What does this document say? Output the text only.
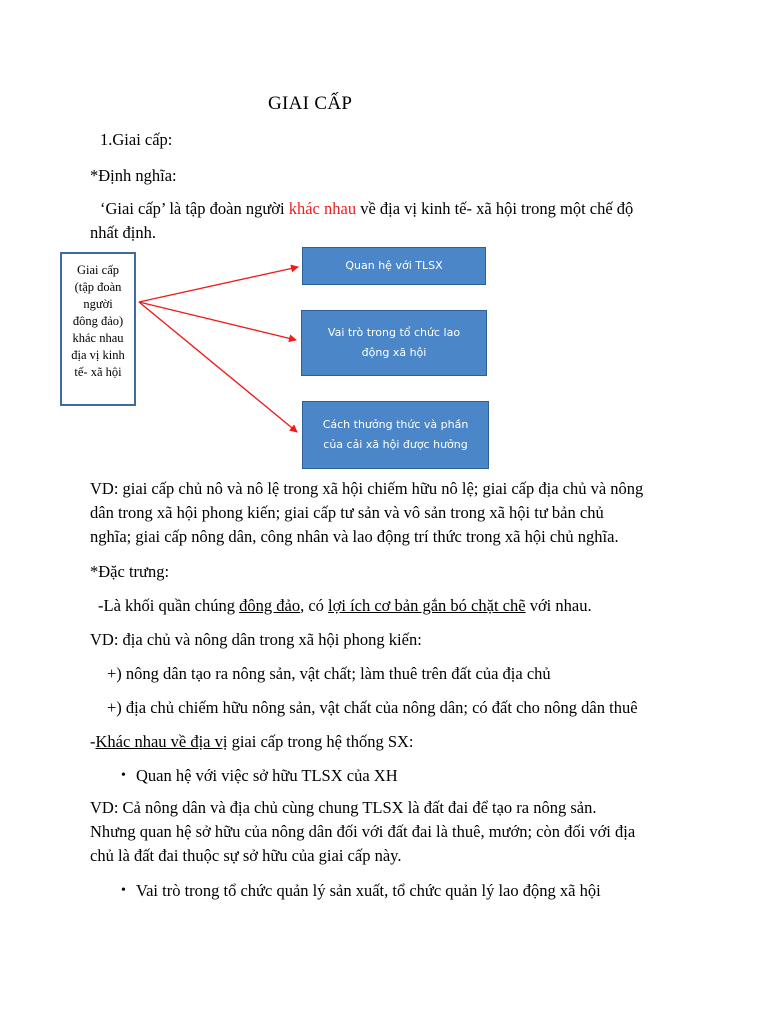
GIAI CẤP
1.Giai cấp:
*Định nghĩa:
‘Giai cấp’ là tập đoàn người khác nhau về địa vị kinh tế- xã hội trong một chế độ
nhất định.
Giai cấp
(tập đoàn
người
đông đảo)
khác nhau
địa vị kinh
tế- xã hội
Quan hệ với TLSX
Vai trò trong tổ chức lao
động xã hội
Cách thưởng thức và phần
của cải xã hội được hưởng
VD: giai cấp chủ nô và nô lệ trong xã hội chiếm hữu nô lệ; giai cấp địa chủ và nông
dân trong xã hội phong kiến; giai cấp tư sản và vô sản trong xã hội tư bản chủ
nghĩa; giai cấp nông dân, công nhân và lao động trí thức trong xã hội chủ nghĩa.
*Đặc trưng:
-Là khối quần chúng đông đảo, có lợi ích cơ bản gắn bó chặt chẽ với nhau.
VD: địa chủ và nông dân trong xã hội phong kiến:
+) nông dân tạo ra nông sản, vật chất; làm thuê trên đất của địa chủ
+) địa chủ chiếm hữu nông sản, vật chất của nông dân; có đất cho nông dân thuê
-Khác nhau về địa vị giai cấp trong hệ thống SX:
• Quan hệ với việc sở hữu TLSX của XH
VD: Cả nông dân và địa chủ cùng chung TLSX là đất đai để tạo ra nông sản.
Nhưng quan hệ sở hữu của nông dân đối với đất đai là thuê, mướn; còn đối với địa
chủ là đất đai thuộc sự sở hữu của giai cấp này.
• Vai trò trong tổ chức quản lý sản xuất, tổ chức quản lý lao động xã hội
